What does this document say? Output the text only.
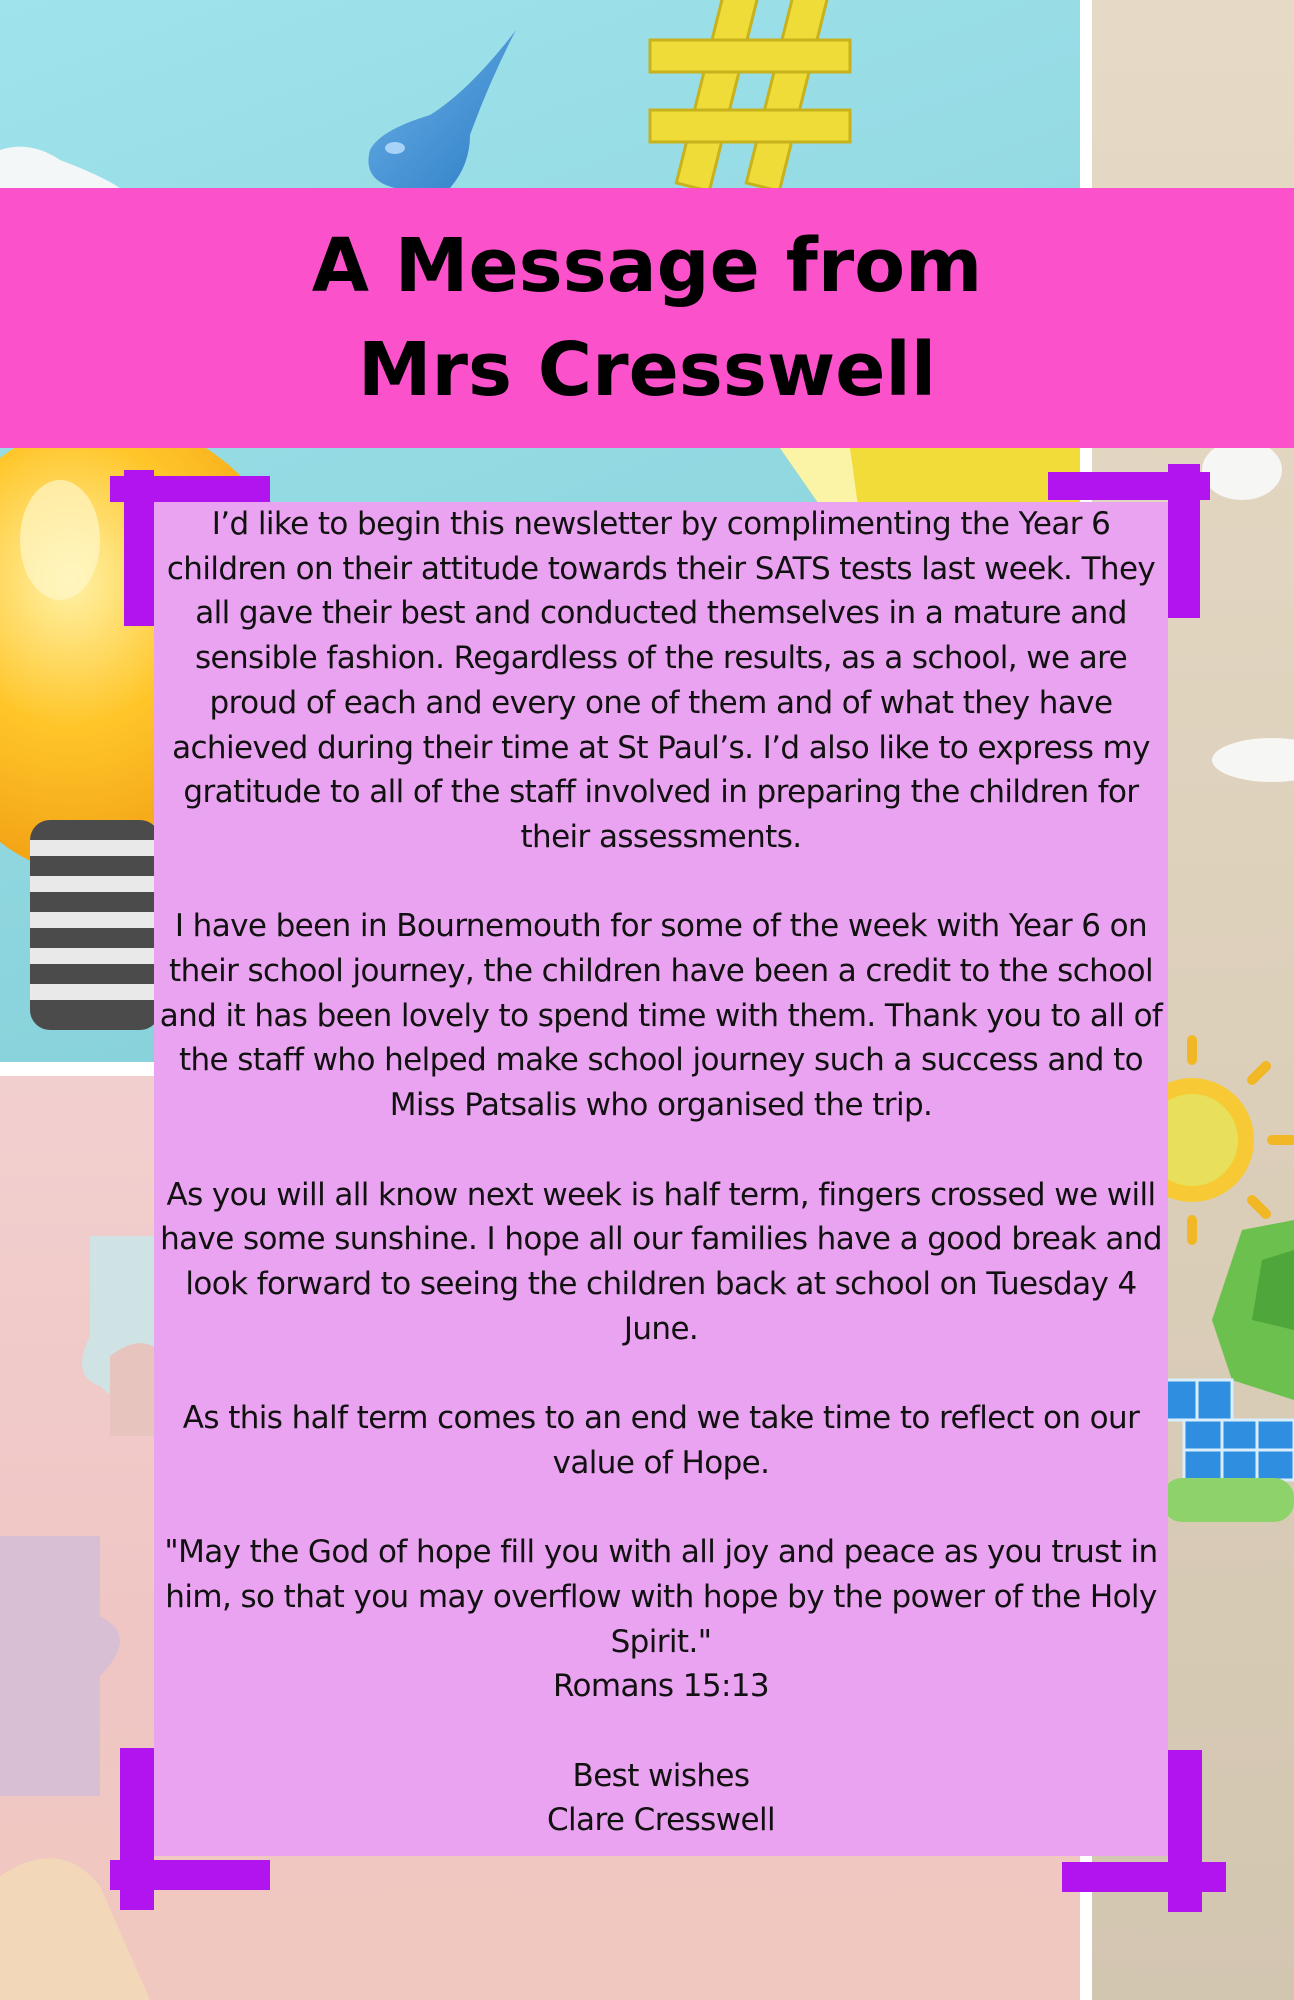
A Message from Mrs Cresswell

I’d like to begin this newsletter by complimenting the Year 6 children on their attitude towards their SATS tests last week. They all gave their best and conducted themselves in a mature and sensible fashion. Regardless of the results, as a school, we are proud of each and every one of them and of what they have achieved during their time at St Paul’s. I’d also like to express my gratitude to all of the staff involved in preparing the children for their assessments.

I have been in Bournemouth for some of the week with Year 6 on their school journey, the children have been a credit to the school and it has been lovely to spend time with them. Thank you to all of the staff who helped make school journey such a success and to Miss Patsalis who organised the trip.

As you will all know next week is half term, fingers crossed we will have some sunshine. I hope all our families have a good break and look forward to seeing the children back at school on Tuesday 4 June.

As this half term comes to an end we take time to reflect on our value of Hope.

"May the God of hope fill you with all joy and peace as you trust in him, so that you may overflow with hope by the power of the Holy Spirit."

Romans 15:13

Best wishes

Clare Cresswell
